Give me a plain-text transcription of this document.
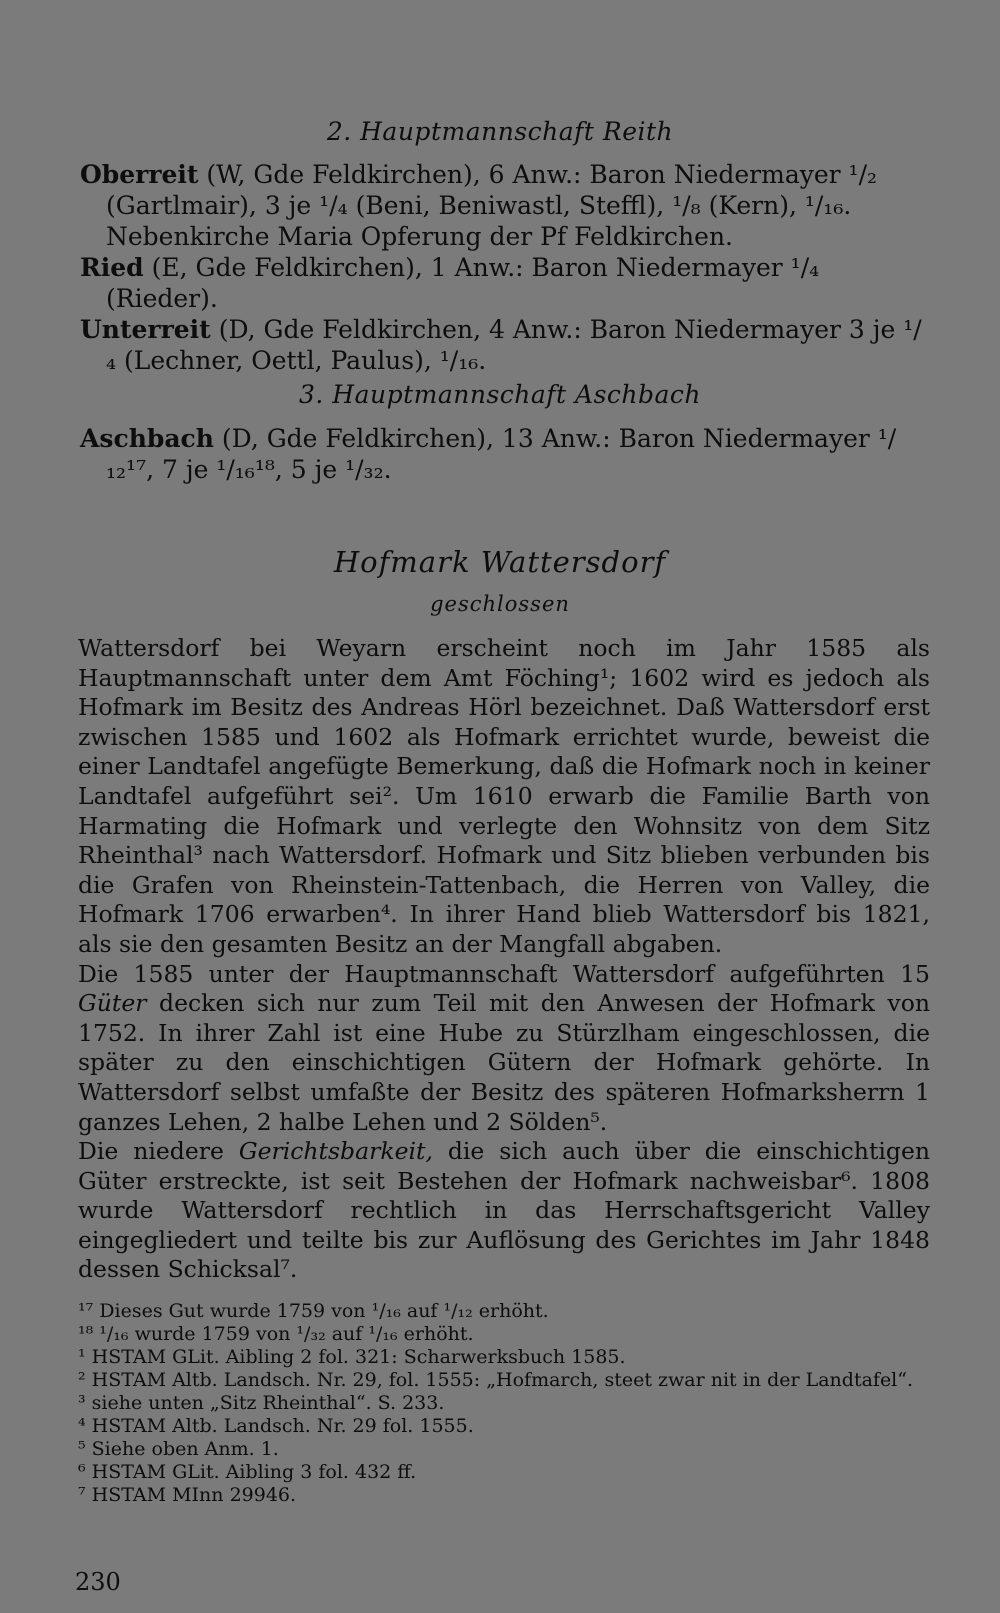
2. Hauptmannschaft Reith
Oberreit (W, Gde Feldkirchen), 6 Anw.: Baron Niedermayer ¹/₂ (Gartlmair), 3 je ¹/₄ (Beni, Beniwastl, Steffl), ¹/₈ (Kern), ¹/₁₆. Nebenkirche Maria Opferung der Pf Feldkirchen.
Ried (E, Gde Feldkirchen), 1 Anw.: Baron Niedermayer ¹/₄ (Rieder).
Unterreit (D, Gde Feldkirchen, 4 Anw.: Baron Niedermayer 3 je ¹/₄ (Lechner, Oettl, Paulus), ¹/₁₆.
3. Hauptmannschaft Aschbach
Aschbach (D, Gde Feldkirchen), 13 Anw.: Baron Niedermayer ¹/₁₂¹⁷, 7 je ¹/₁₆¹⁸, 5 je ¹/₃₂.
Hofmark Wattersdorf
geschlossen

Wattersdorf bei Weyarn erscheint noch im Jahr 1585 als Hauptmannschaft unter dem Amt Föching¹; 1602 wird es jedoch als Hofmark im Besitz des Andreas Hörl bezeichnet. Daß Wattersdorf erst zwischen 1585 und 1602 als Hofmark errichtet wurde, beweist die einer Landtafel angefügte Bemerkung, daß die Hofmark noch in keiner Landtafel aufgeführt sei². Um 1610 erwarb die Familie Barth von Harmating die Hofmark und verlegte den Wohnsitz von dem Sitz Rheinthal³ nach Wattersdorf. Hofmark und Sitz blieben verbunden bis die Grafen von Rheinstein-Tattenbach, die Herren von Valley, die Hofmark 1706 erwarben⁴. In ihrer Hand blieb Wattersdorf bis 1821, als sie den gesamten Besitz an der Mangfall abgaben.

Die 1585 unter der Hauptmannschaft Wattersdorf aufgeführten 15 Güter decken sich nur zum Teil mit den Anwesen der Hofmark von 1752. In ihrer Zahl ist eine Hube zu Stürzlham eingeschlossen, die später zu den einschichtigen Gütern der Hofmark gehörte. In Wattersdorf selbst umfaßte der Besitz des späteren Hofmarksherrn 1 ganzes Lehen, 2 halbe Lehen und 2 Sölden⁵.

Die niedere Gerichtsbarkeit, die sich auch über die einschichtigen Güter erstreckte, ist seit Bestehen der Hofmark nachweisbar⁶. 1808 wurde Wattersdorf rechtlich in das Herrschaftsgericht Valley eingegliedert und teilte bis zur Auflösung des Gerichtes im Jahr 1848 dessen Schicksal⁷.

¹⁷ Dieses Gut wurde 1759 von ¹/₁₆ auf ¹/₁₂ erhöht.
¹⁸ ¹/₁₆ wurde 1759 von ¹/₃₂ auf ¹/₁₆ erhöht.
¹ HSTAM GLit. Aibling 2 fol. 321: Scharwerksbuch 1585.
² HSTAM Altb. Landsch. Nr. 29, fol. 1555: „Hofmarch, steet zwar nit in der Landtafel“.
³ siehe unten „Sitz Rheinthal“. S. 233.
⁴ HSTAM Altb. Landsch. Nr. 29 fol. 1555.
⁵ Siehe oben Anm. 1.
⁶ HSTAM GLit. Aibling 3 fol. 432 ff.
⁷ HSTAM MInn 29946.
230
